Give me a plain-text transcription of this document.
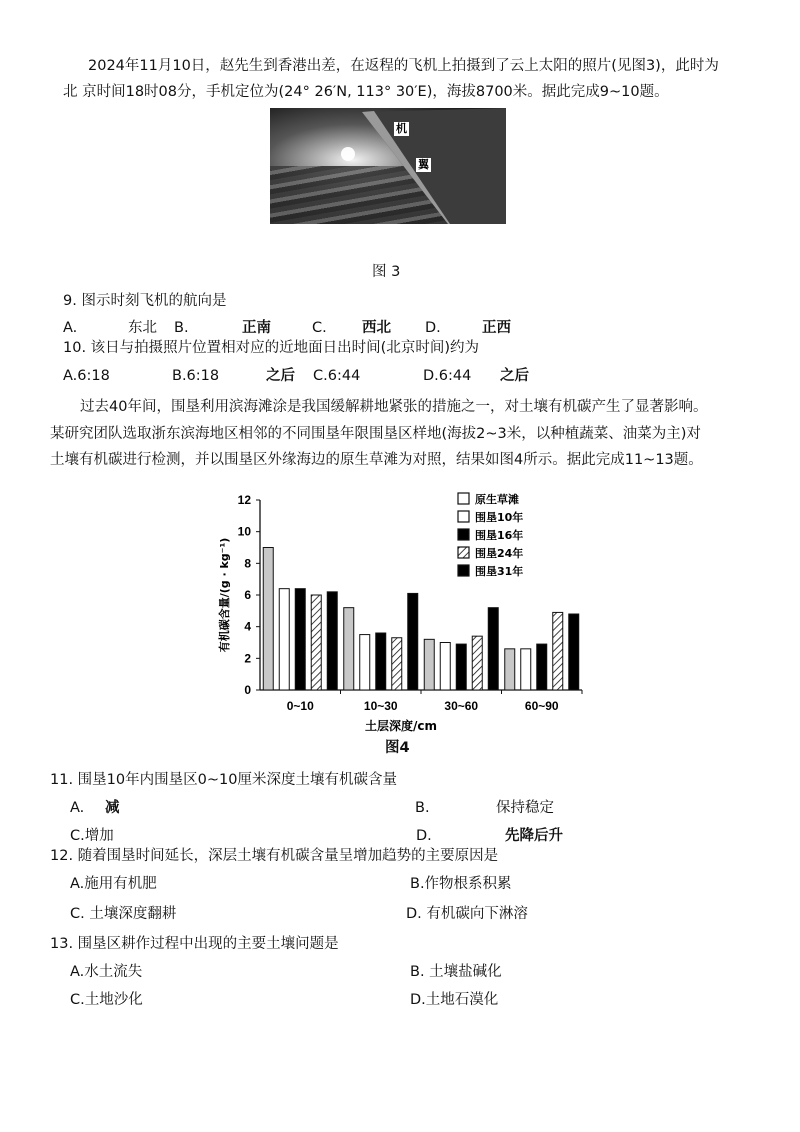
2024年11月10日，赵先生到香港出差，在返程的飞机上拍摄到了云上太阳的照片(见图3)，此时为
北 京时间18时08分，手机定位为(24° 26′N, 113° 30′E)，海拔8700米。据此完成9~10题。
机
翼
图 3
9. 图示时刻飞机的航向是
A.	东北 B.	正南	C. 西北 D.	正西
10. 该日与拍摄照片位置相对应的近地面日出时间(北京时间)约为
A.6:18	B.6:18	之后 C.6:44	D.6:44 之后
过去40年间，围垦利用滨海滩涂是我国缓解耕地紧张的措施之一，对土壤有机碳产生了显著影响。
某研究团队选取浙东滨海地区相邻的不同围垦年限围垦区样地(海拔2~3米，以种植蔬菜、油菜为主)对
土壤有机碳进行检测，并以围垦区外缘海边的原生草滩为对照，结果如图4所示。据此完成11~13题。
0
2
4
6
8
10
12
有机碳含量/(g · kg⁻¹)
0~10	10~30	30~60	60~90
土层深度/cm
原生草滩
围垦10年
围垦16年
围垦24年
围垦31年
图4
11. 围垦10年内围垦区0~10厘米深度土壤有机碳含量
A. 减	B.	保持稳定
C.增加	D.	先降后升
12. 随着围垦时间延长，深层土壤有机碳含量呈增加趋势的主要原因是
A.施用有机肥	B.作物根系积累
C. 土壤深度翻耕	D. 有机碳向下淋溶
13. 围垦区耕作过程中出现的主要土壤问题是
A.水土流失	B. 土壤盐碱化
C.土地沙化	D.土地石漠化
